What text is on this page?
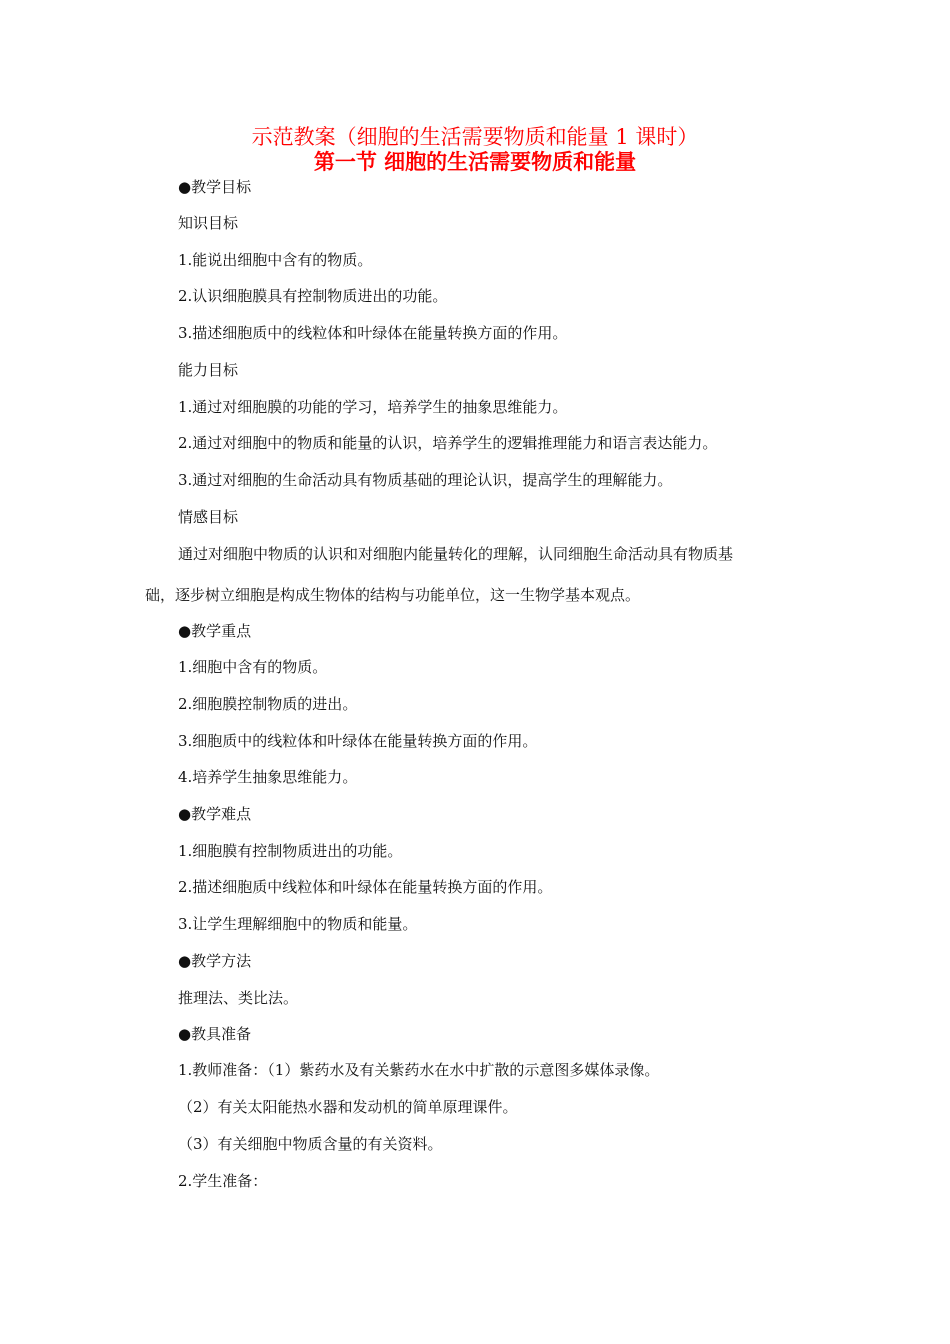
示范教案（细胞的生活需要物质和能量 1 课时）
第一节 细胞的生活需要物质和能量
●教学目标
知识目标
1.能说出细胞中含有的物质。
2.认识细胞膜具有控制物质进出的功能。
3.描述细胞质中的线粒体和叶绿体在能量转换方面的作用。
能力目标
1.通过对细胞膜的功能的学习，培养学生的抽象思维能力。
2.通过对细胞中的物质和能量的认识，培养学生的逻辑推理能力和语言表达能力。
3.通过对细胞的生命活动具有物质基础的理论认识，提高学生的理解能力。
情感目标
通过对细胞中物质的认识和对细胞内能量转化的理解，认同细胞生命活动具有物质基
础，逐步树立细胞是构成生物体的结构与功能单位，这一生物学基本观点。
●教学重点
1.细胞中含有的物质。
2.细胞膜控制物质的进出。
3.细胞质中的线粒体和叶绿体在能量转换方面的作用。
4.培养学生抽象思维能力。
●教学难点
1.细胞膜有控制物质进出的功能。
2.描述细胞质中线粒体和叶绿体在能量转换方面的作用。
3.让学生理解细胞中的物质和能量。
●教学方法
推理法、类比法。
●教具准备
1.教师准备：（1）紫药水及有关紫药水在水中扩散的示意图多媒体录像。
（2）有关太阳能热水器和发动机的简单原理课件。
（3）有关细胞中物质含量的有关资料。
2.学生准备：
